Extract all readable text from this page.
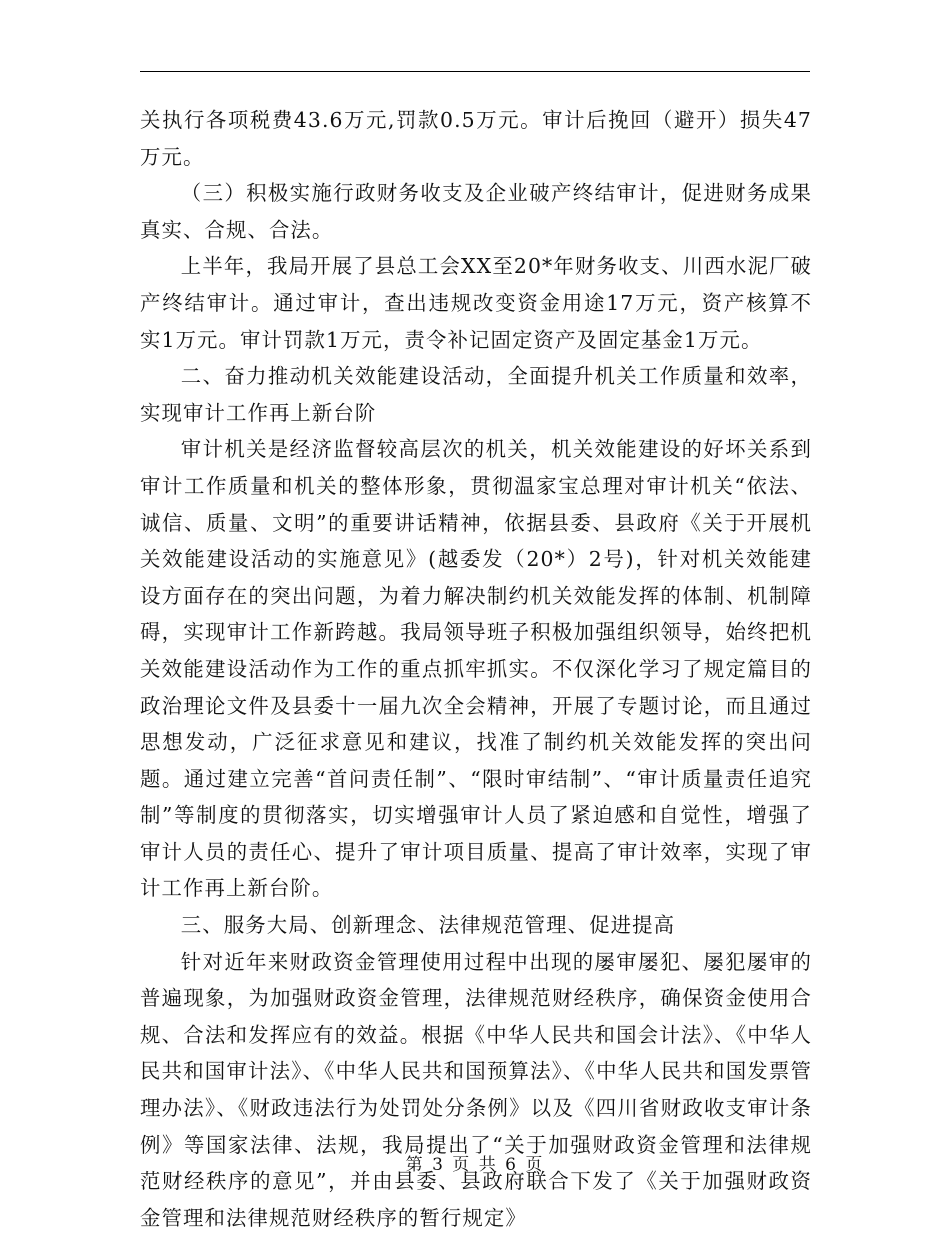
关执行各项税费43.6万元,罚款0.5万元。审计后挽回（避开）损失47万元。

（三）积极实施行政财务收支及企业破产终结审计，促进财务成果真实、合规、合法。

上半年，我局开展了县总工会XX至20*年财务收支、川西水泥厂破产终结审计。通过审计，查出违规改变资金用途17万元，资产核算不实1万元。审计罚款1万元，责令补记固定资产及固定基金1万元。

二、奋力推动机关效能建设活动，全面提升机关工作质量和效率，实现审计工作再上新台阶

审计机关是经济监督较高层次的机关，机关效能建设的好坏关系到审计工作质量和机关的整体形象，贯彻温家宝总理对审计机关“依法、诚信、质量、文明”的重要讲话精神，依据县委、县政府《关于开展机关效能建设活动的实施意见》(越委发（20*）2号)，针对机关效能建设方面存在的突出问题，为着力解决制约机关效能发挥的体制、机制障碍，实现审计工作新跨越。我局领导班子积极加强组织领导，始终把机关效能建设活动作为工作的重点抓牢抓实。不仅深化学习了规定篇目的政治理论文件及县委十一届九次全会精神，开展了专题讨论，而且通过思想发动，广泛征求意见和建议，找准了制约机关效能发挥的突出问题。通过建立完善“首问责任制”、“限时审结制”、“审计质量责任追究制”等制度的贯彻落实，切实增强审计人员了紧迫感和自觉性，增强了审计人员的责任心、提升了审计项目质量、提高了审计效率，实现了审计工作再上新台阶。

三、服务大局、创新理念、法律规范管理、促进提高

针对近年来财政资金管理使用过程中出现的屡审屡犯、屡犯屡审的普遍现象，为加强财政资金管理，法律规范财经秩序，确保资金使用合规、合法和发挥应有的效益。根据《中华人民共和国会计法》、《中华人民共和国审计法》、《中华人民共和国预算法》、《中华人民共和国发票管理办法》、《财政违法行为处罚处分条例》以及《四川省财政收支审计条例》等国家法律、法规，我局提出了“关于加强财政资金管理和法律规范财经秩序的意见”，并由县委、县政府联合下发了《关于加强财政资金管理和法律规范财经秩序的暂行规定》

第 3 页 共 6 页
